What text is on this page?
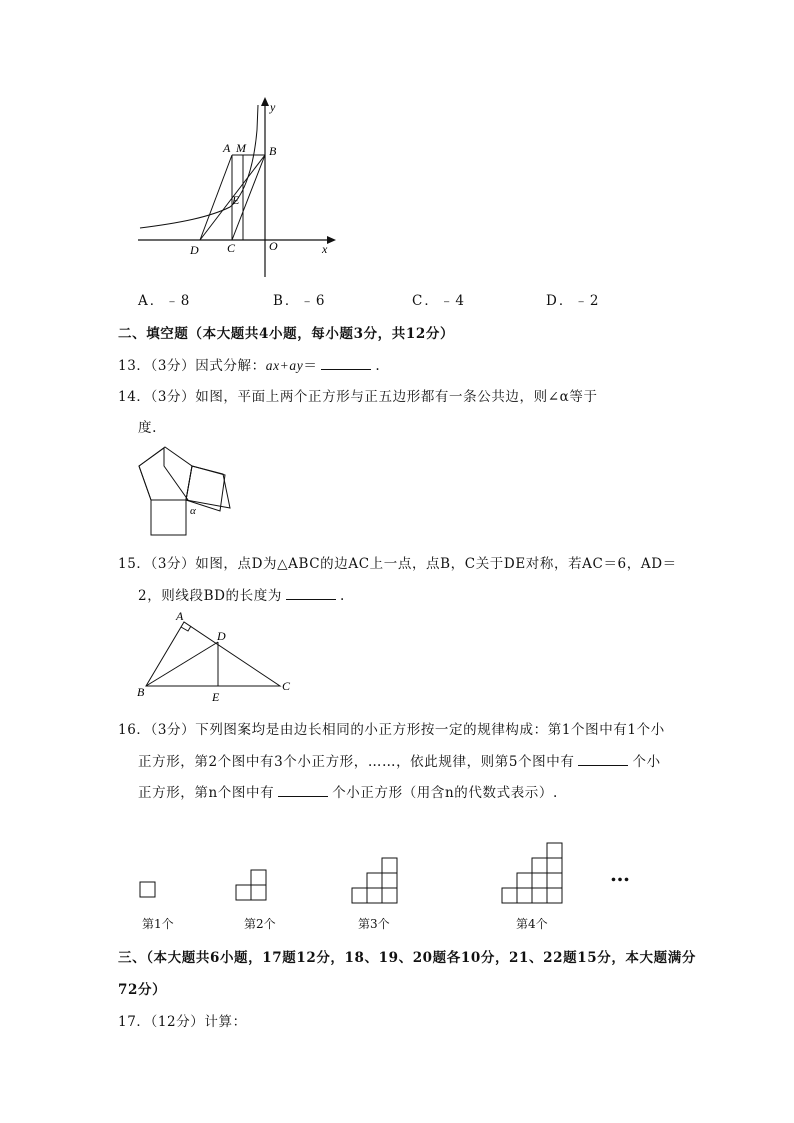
y
x
A M B
E
D C	O
A．﹣8	B．﹣6	C．﹣4	D．﹣2
二、填空题（本大题共4小题，每小题3分，共12分）
13．（3分）因式分解：ax+ay＝	.
14．（3分）如图，平面上两个正方形与正五边形都有一条公共边，则∠α等于
度.
α
15．（3分）如图，点D为△ABC的边AC上一点，点B，C关于DE对称，若AC＝6，AD＝
2，则线段BD的长度为	.
A
D
B	E
C
16．（3分）下列图案均是由边长相同的小正方形按一定的规律构成：第1个图中有1个小
正方形，第2个图中有3个小正方形，……，依此规律，则第5个图中有	个小
正方形，第n个图中有	个小正方形（用含n的代数式表示）.
…
第1个	第2个	第3个	第4个
三、（本大题共6小题，17题12分，18、19、20题各10分，21、22题15分，本大题满分
72分）
17．（12分）计算：
